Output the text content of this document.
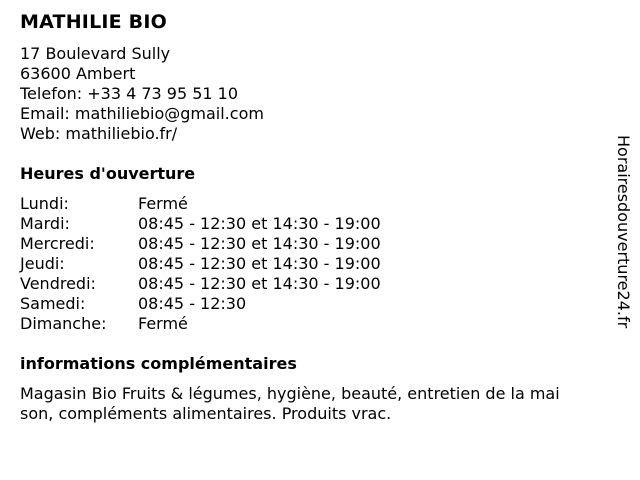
MATHILIE BIO
17 Boulevard Sully
63600 Ambert
Telefon: +33 4 73 95 51 10
Email: mathiliebio@gmail.com
Web: mathiliebio.fr/
Heures d'ouverture
Lundi:	Fermé
Mardi:	08:45 - 12:30 et 14:30 - 19:00
Mercredi:	08:45 - 12:30 et 14:30 - 19:00
Jeudi:	08:45 - 12:30 et 14:30 - 19:00
Vendredi:	08:45 - 12:30 et 14:30 - 19:00
Samedi:	08:45 - 12:30
Dimanche: Fermé
informations complémentaires
Magasin Bio Fruits & légumes, hygiène, beauté, entretien de la mai
son, compléments alimentaires. Produits vrac.
Horairesdouverture24.fr
